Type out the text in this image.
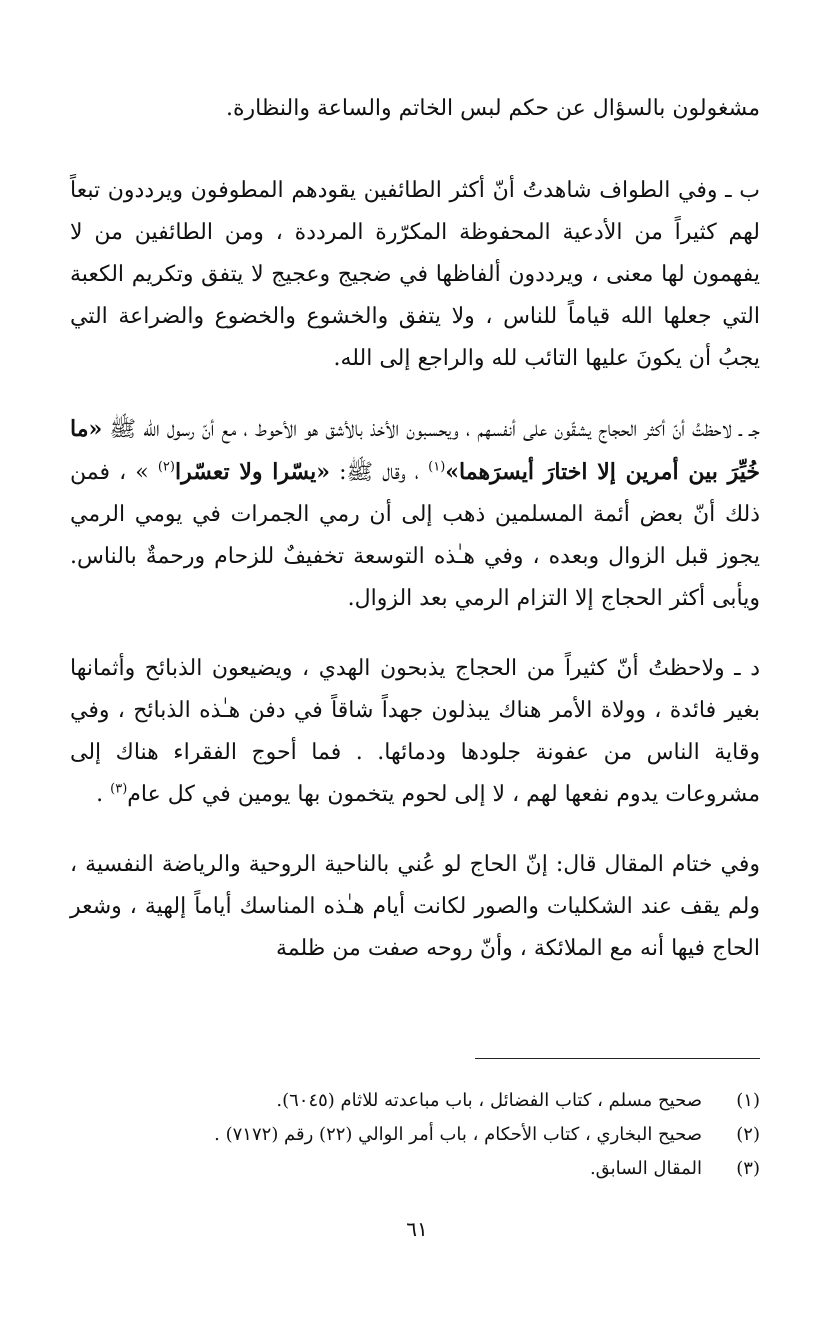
مشغولون بالسؤال عن حكم لبس الخاتم والساعة والنظارة.

ب ـ وفي الطواف شاهدتُ أنّ أكثر الطائفين يقودهم المطوفون ويرددون تبعاً لهم كثيراً من الأدعية المحفوظة المكرّرة المرددة ، ومن الطائفين من لا يفهمون لها معنى ، ويرددون ألفاظها في ضجيج وعجيج لا يتفق وتكريم الكعبة التي جعلها الله قياماً للناس ، ولا يتفق والخشوع والخضوع والضراعة التي يجبُ أن يكونَ عليها التائب لله والراجع إلى الله.

جـ ـ لاحظتُ أنّ أكثر الحجاج يشقّون على أنفسهم ، ويحسبون الأخذ بالأشق هو الأحوط ، مع أنّ رسول الله ﷺ «ما خُيِّرَ بين أمرين إلا اختارَ أيسرَهما»$^{(١)}$ ، وقال ﷺ: «يسّرا ولا تعسّرا$^{(٢)}$ » ، فمن ذلك أنّ بعض أئمة المسلمين ذهب إلى أن رمي الجمرات في يومي الرمي يجوز قبل الزوال وبعده ، وفي هـٰذه التوسعة تخفيفٌ للزحام ورحمةٌ بالناس. ويأبى أكثر الحجاج إلا التزام الرمي بعد الزوال.

د ـ ولاحظتُ أنّ كثيراً من الحجاج يذبحون الهدي ، ويضيعون الذبائح وأثمانها بغير فائدة ، وولاة الأمر هناك يبذلون جهداً شاقاً في دفن هـٰذه الذبائح ، وفي وقاية الناس من عفونة جلودها ودمائها. . فما أحوج الفقراء هناك إلى مشروعات يدوم نفعها لهم ، لا إلى لحوم يتخمون بها يومين في كل عام$^{(٣)}$ .

وفي ختام المقال قال: إنّ الحاج لو عُني بالناحية الروحية والرياضة النفسية ، ولم يقف عند الشكليات والصور لكانت أيام هـٰذه المناسك أياماً إلهية ، وشعر الحاج فيها أنه مع الملائكة ، وأنّ روحه صفت من ظلمة

(١)
صحيح مسلم ، كتاب الفضائل ، باب مباعدته للاثام (٦٠٤٥).
(٢)
صحيح البخاري ، كتاب الأحكام ، باب أمر الوالي (٢٢) رقم (٧١٧٢) .
(٣)
المقال السابق.
٦١
